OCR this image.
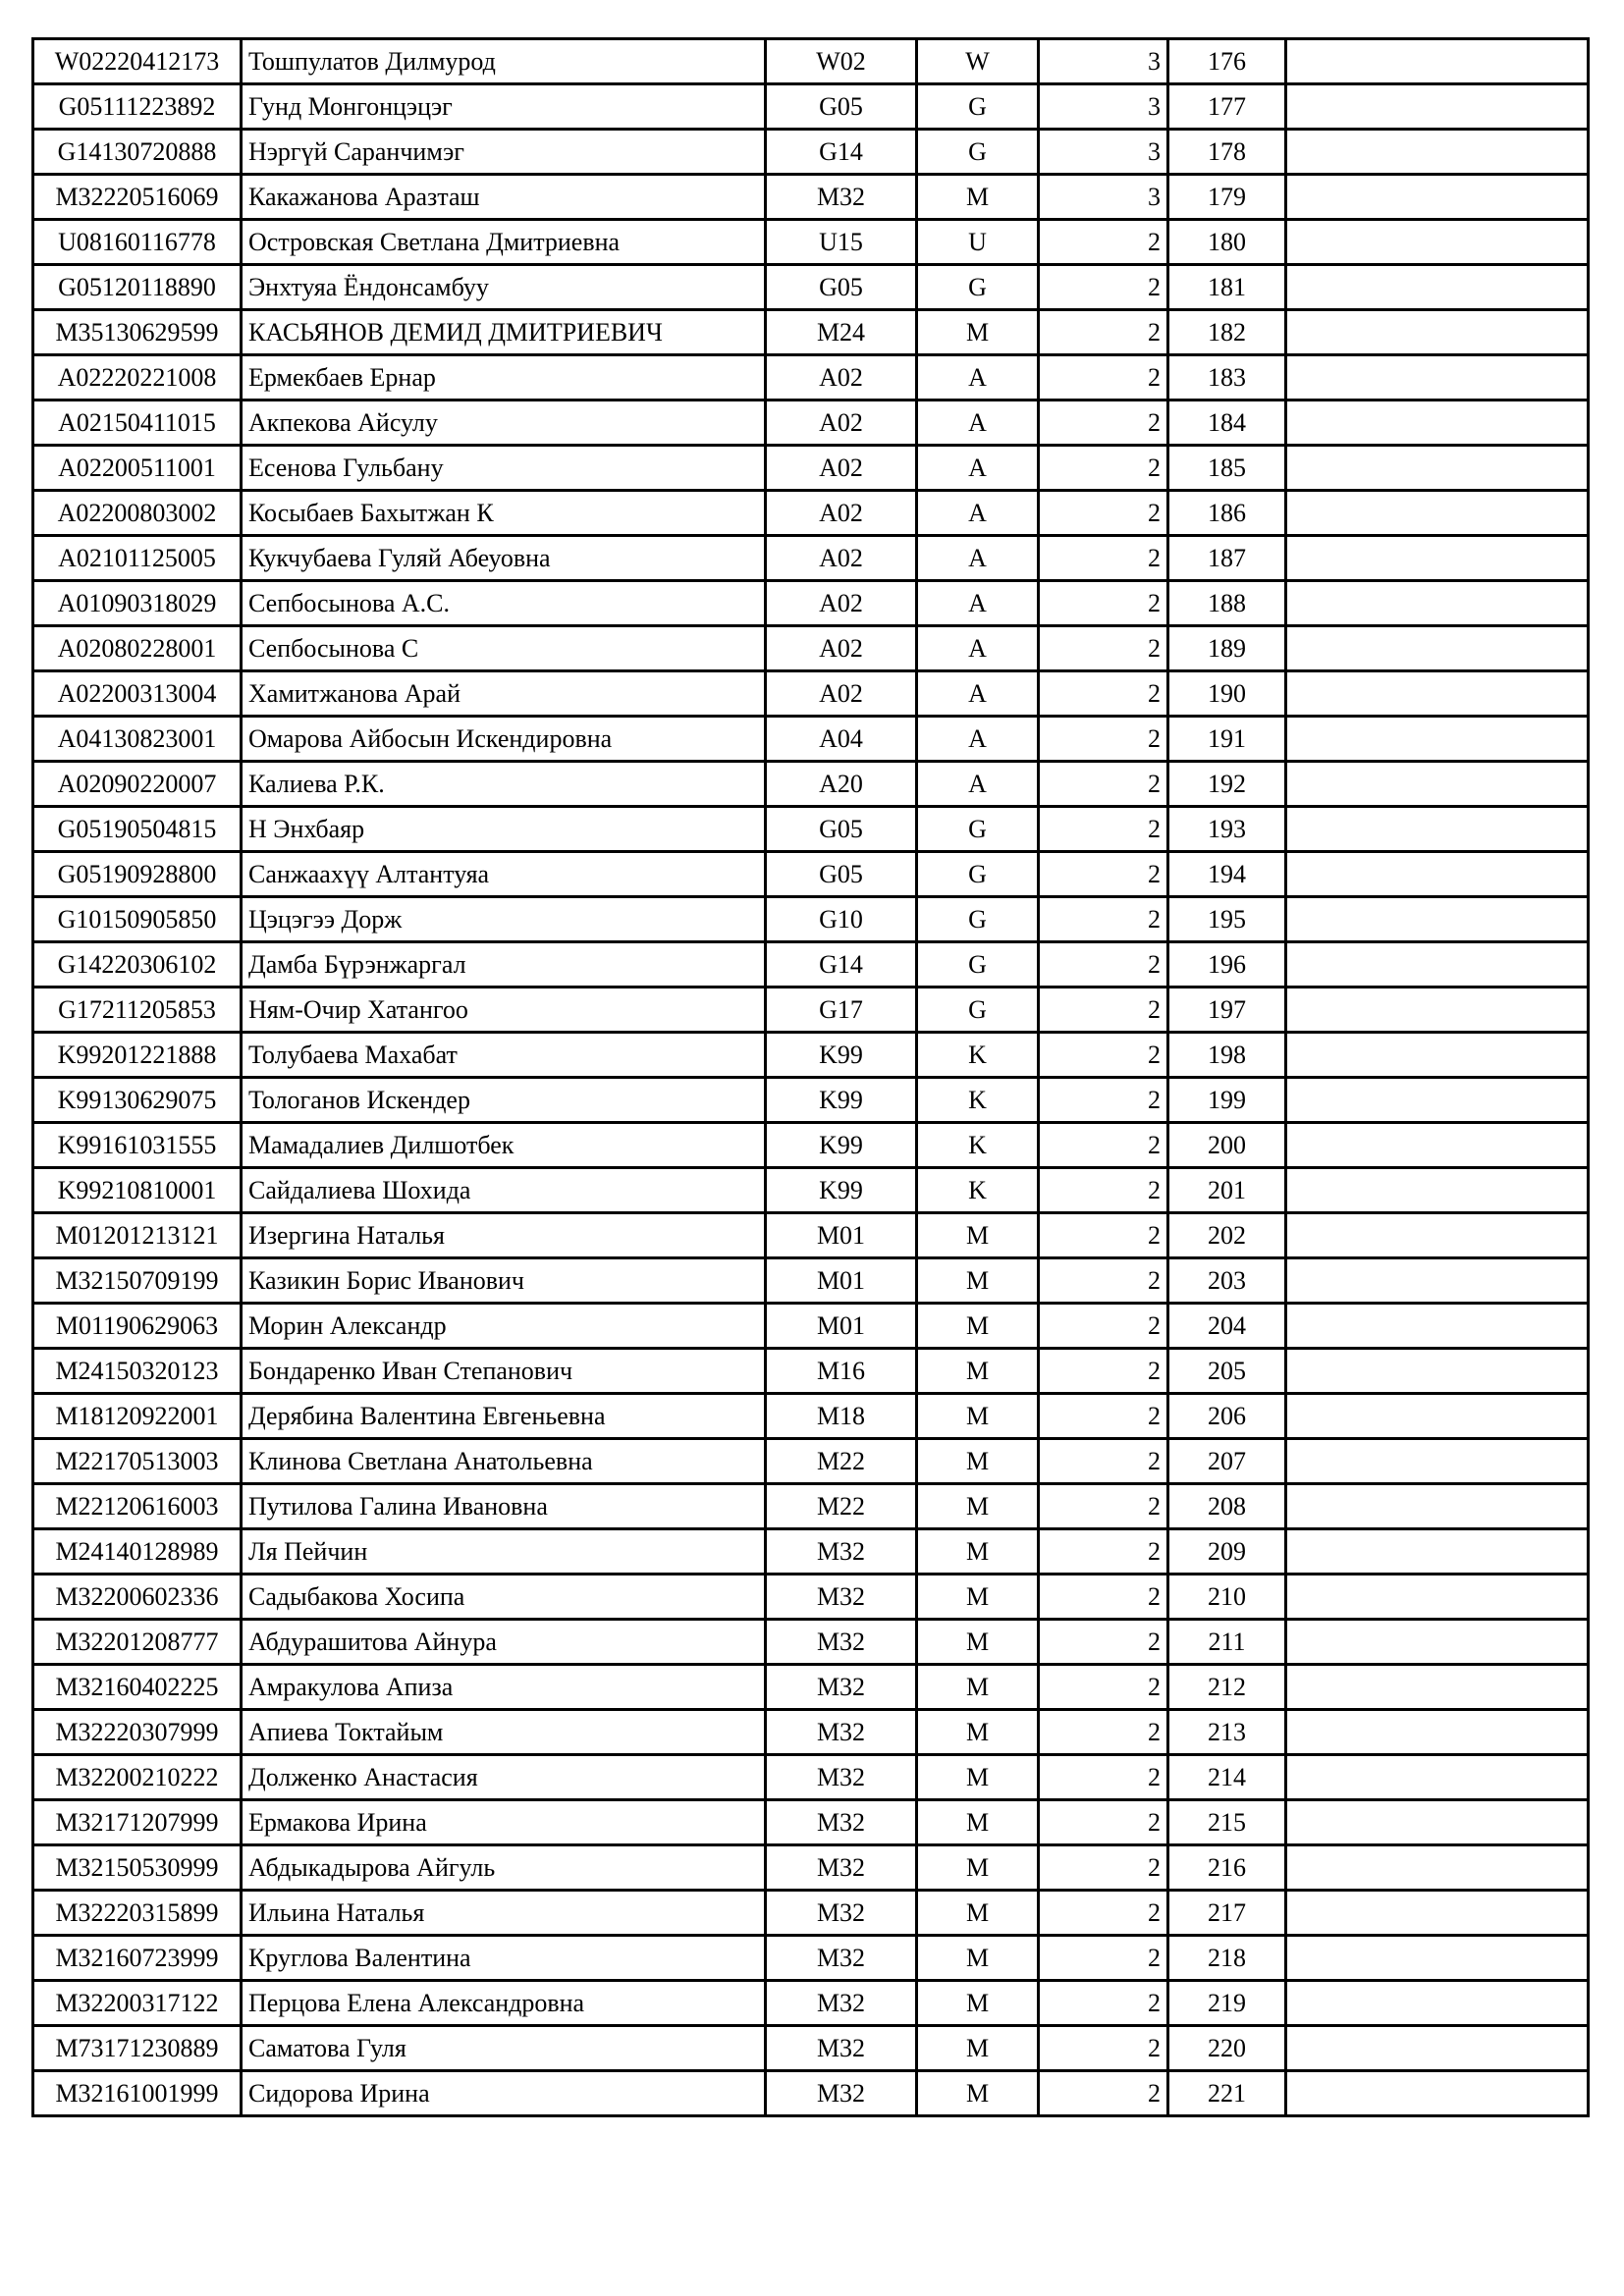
W02220412173	Тошпулатов Дилмурод	W02	W	3	176	
G05111223892	Гунд Монгонцэцэг	G05	G	3	177	
G14130720888	Нэргүй Саранчимэг	G14	G	3	178	
M32220516069	Какажанова Аразташ	M32	M	3	179	
U08160116778	Островская Светлана Дмитриевна	U15	U	2	180	
G05120118890	Энхтуяа Ёндонсамбуу	G05	G	2	181	
M35130629599	КАСЬЯНОВ ДЕМИД ДМИТРИЕВИЧ	M24	M	2	182	
A02220221008	Ермекбаев Ернар	A02	A	2	183	
A02150411015	Акпекова Айсулу	A02	A	2	184	
A02200511001	Есенова Гульбану	A02	A	2	185	
A02200803002	Косыбаев Бахытжан К	A02	A	2	186	
A02101125005	Кукчубаева Гуляй Абеуовна	A02	A	2	187	
A01090318029	Сепбосынова А.С.	A02	A	2	188	
A02080228001	Сепбосынова С	A02	A	2	189	
A02200313004	Хамитжанова Арай	A02	A	2	190	
A04130823001	Омарова Айбосын Искендировна	A04	A	2	191	
A02090220007	Калиева Р.К.	A20	A	2	192	
G05190504815	Н Энхбаяр	G05	G	2	193	
G05190928800	Санжаахүү Алтантуяа	G05	G	2	194	
G10150905850	Цэцэгээ Дорж	G10	G	2	195	
G14220306102	Дамба Бүрэнжаргал	G14	G	2	196	
G17211205853	Ням-Очир Хатангоо	G17	G	2	197	
K99201221888	Толубаева Махабат	K99	K	2	198	
K99130629075	Тологанов Искендер	K99	K	2	199	
K99161031555	Мамадалиев Дилшотбек	K99	K	2	200	
K99210810001	Сайдалиева Шохида	K99	K	2	201	
M01201213121	Изергина Наталья	M01	M	2	202	
M32150709199	Казикин Борис Иванович	M01	M	2	203	
M01190629063	Морин Александр	M01	M	2	204	
M24150320123	Бондаренко Иван Степанович	M16	M	2	205	
M18120922001	Дерябина Валентина Евгеньевна	M18	M	2	206	
M22170513003	Клинова Светлана Анатольевна	M22	M	2	207	
M22120616003	Путилова Галина Ивановна	M22	M	2	208	
M24140128989	Ля Пейчин	M32	M	2	209	
M32200602336	Садыбакова Хосипа	M32	M	2	210	
M32201208777	Абдурашитова Айнура	M32	M	2	211	
M32160402225	Амракулова Апиза	M32	M	2	212	
M32220307999	Апиева Токтайым	M32	M	2	213	
M32200210222	Долженко Анастасия	M32	M	2	214	
M32171207999	Ермакова Ирина	M32	M	2	215	
M32150530999	Абдыкадырова Айгуль	M32	M	2	216	
M32220315899	Ильина Наталья	M32	M	2	217	
M32160723999	Круглова Валентина	M32	M	2	218	
M32200317122	Перцова Елена Александровна	M32	M	2	219	
M73171230889	Саматова Гуля	M32	M	2	220	
M32161001999	Сидорова Ирина	M32	M	2	221	
